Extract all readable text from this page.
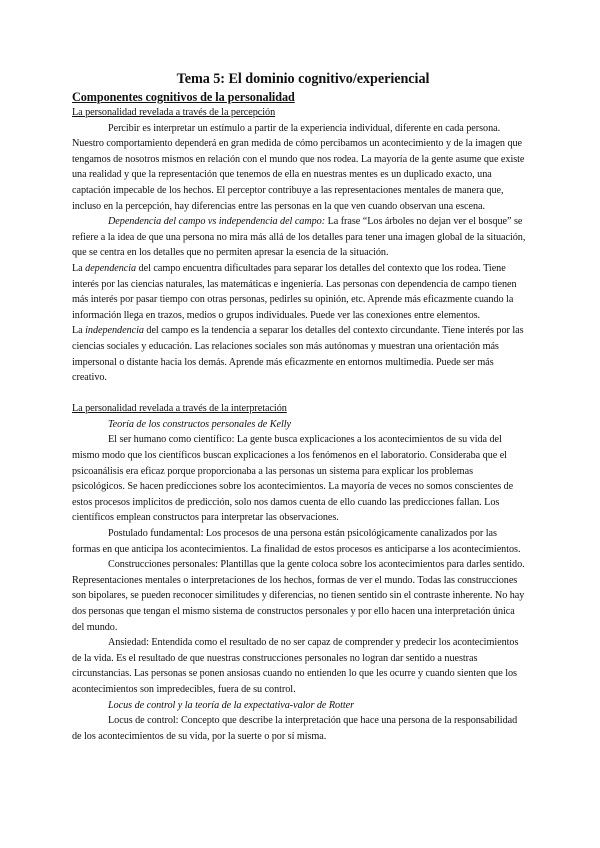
Tema 5: El dominio cognitivo/experiencial
Componentes cognitivos de la personalidad
La personalidad revelada a través de la percepción

Percibir es interpretar un estímulo a partir de la experiencia individual, diferente en cada persona. Nuestro comportamiento dependerá en gran medida de cómo percibamos un acontecimiento y de la imagen que tengamos de nosotros mismos en relación con el mundo que nos rodea. La mayoría de la gente asume que existe una realidad y que la representación que tenemos de ella en nuestras mentes es un duplicado exacto, una captación impecable de los hechos. El perceptor contribuye a las representaciones mentales de manera que, incluso en la percepción, hay diferencias entre las personas en la que ven cuando observan una escena.

Dependencia del campo vs independencia del campo: La frase “Los árboles no dejan ver el bosque” se refiere a la idea de que una persona no mira más allá de los detalles para tener una imagen global de la situación, que se centra en los detalles que no permiten apresar la esencia de la situación.

La dependencia del campo encuentra dificultades para separar los detalles del contexto que los rodea. Tiene interés por las ciencias naturales, las matemáticas e ingeniería. Las personas con dependencia de campo tienen más interés por pasar tiempo con otras personas, pedirles su opinión, etc. Aprende más eficazmente cuando la información llega en trazos, medios o grupos individuales. Puede ver las conexiones entre elementos.

La independencia del campo es la tendencia a separar los detalles del contexto circundante. Tiene interés por las ciencias sociales y educación. Las relaciones sociales son más autónomas y muestran una orientación más impersonal o distante hacia los demás. Aprende más eficazmente en entornos multimedia. Puede ser más creativo.

La personalidad revelada a través de la interpretación
Teoría de los constructos personales de Kelly

El ser humano como científico: La gente busca explicaciones a los acontecimientos de su vida del mismo modo que los científicos buscan explicaciones a los fenómenos en el laboratorio. Consideraba que el psicoanálisis era eficaz porque proporcionaba a las personas un sistema para explicar los problemas psicológicos. Se hacen predicciones sobre los acontecimientos. La mayoría de veces no somos conscientes de estos procesos implícitos de predicción, solo nos damos cuenta de ello cuando las predicciones fallan. Los científicos emplean constructos para interpretar las observaciones.

Postulado fundamental: Los procesos de una persona están psicológicamente canalizados por las formas en que anticipa los acontecimientos. La finalidad de estos procesos es anticiparse a los acontecimientos.

Construcciones personales: Plantillas que la gente coloca sobre los acontecimientos para darles sentido. Representaciones mentales o interpretaciones de los hechos, formas de ver el mundo. Todas las construcciones son bipolares, se pueden reconocer similitudes y diferencias, no tienen sentido sin el contraste inherente. No hay dos personas que tengan el mismo sistema de constructos personales y por ello hacen una interpretación única del mundo.

Ansiedad: Entendida como el resultado de no ser capaz de comprender y predecir los acontecimientos de la vida. Es el resultado de que nuestras construcciones personales no logran dar sentido a nuestras circunstancias. Las personas se ponen ansiosas cuando no entienden lo que les ocurre y cuando sienten que los acontecimientos son impredecibles, fuera de su control.

Locus de control y la teoría de la expectativa-valor de Rotter

Locus de control: Concepto que describe la interpretación que hace una persona de la responsabilidad de los acontecimientos de su vida, por la suerte o por sí misma.
